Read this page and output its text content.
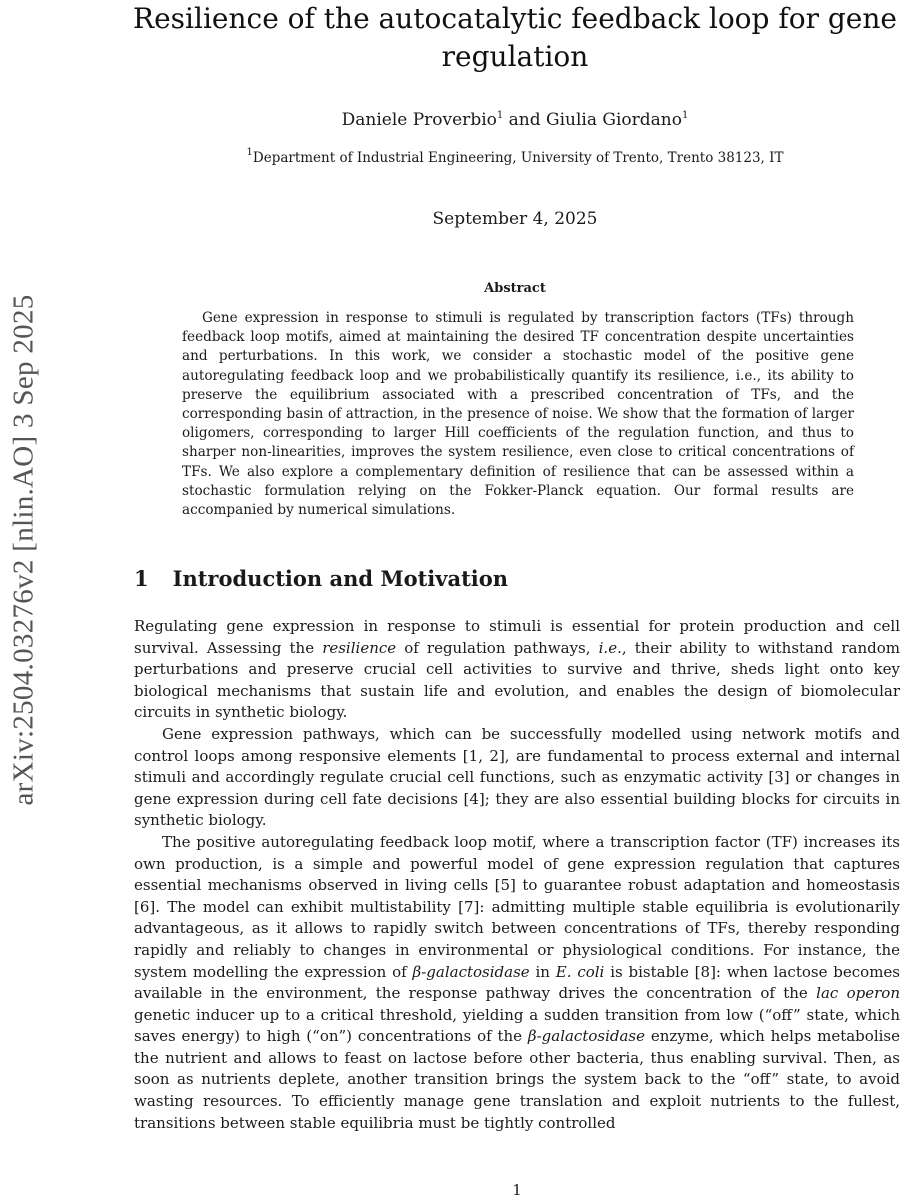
arXiv:2504.03276v2 [nlin.AO] 3 Sep 2025
Resilience of the autocatalytic feedback loop for gene regulation
Daniele Proverbio$^1$ and Giulia Giordano$^1$
$^1$Department of Industrial Engineering, University of Trento, Trento 38123, IT
September 4, 2025
Abstract

Gene expression in response to stimuli is regulated by transcription factors (TFs) through feedback loop motifs, aimed at maintaining the desired TF concentration despite uncertainties and perturbations. In this work, we consider a stochastic model of the positive gene autoregulating feedback loop and we probabilistically quantify its resilience, i.e., its ability to preserve the equilibrium associated with a prescribed concentration of TFs, and the corresponding basin of attraction, in the presence of noise. We show that the formation of larger oligomers, corresponding to larger Hill coefficients of the regulation function, and thus to sharper non-linearities, improves the system resilience, even close to critical concentrations of TFs. We also explore a complementary definition of resilience that can be assessed within a stochastic formulation relying on the Fokker-Planck equation. Our formal results are accompanied by numerical simulations.

1 Introduction and Motivation

Regulating gene expression in response to stimuli is essential for protein production and cell survival. Assessing the resilience of regulation pathways, i.e., their ability to withstand random perturbations and preserve crucial cell activities to survive and thrive, sheds light onto key biological mechanisms that sustain life and evolution, and enables the design of biomolecular circuits in synthetic biology.

Gene expression pathways, which can be successfully modelled using network motifs and control loops among responsive elements [1, 2], are fundamental to process external and internal stimuli and accordingly regulate crucial cell functions, such as enzymatic activity [3] or changes in gene expression during cell fate decisions [4]; they are also essential building blocks for circuits in synthetic biology.

The positive autoregulating feedback loop motif, where a transcription factor (TF) increases its own production, is a simple and powerful model of gene expression regulation that captures essential mechanisms observed in living cells [5] to guarantee robust adaptation and homeostasis [6]. The model can exhibit multistability [7]: admitting multiple stable equilibria is evolutionarily advantageous, as it allows to rapidly switch between concentrations of TFs, thereby responding rapidly and reliably to changes in environmental or physiological conditions. For instance, the system modelling the expression of β-galactosidase in E. coli is bistable [8]: when lactose becomes available in the environment, the response pathway drives the concentration of the lac operon genetic inducer up to a critical threshold, yielding a sudden transition from low (“off” state, which saves energy) to high (“on”) concentrations of the β-galactosidase enzyme, which helps metabolise the nutrient and allows to feast on lactose before other bacteria, thus enabling survival. Then, as soon as nutrients deplete, another transition brings the system back to the “off” state, to avoid wasting resources. To efficiently manage gene translation and exploit nutrients to the fullest, transitions between stable equilibria must be tightly controlled

1
